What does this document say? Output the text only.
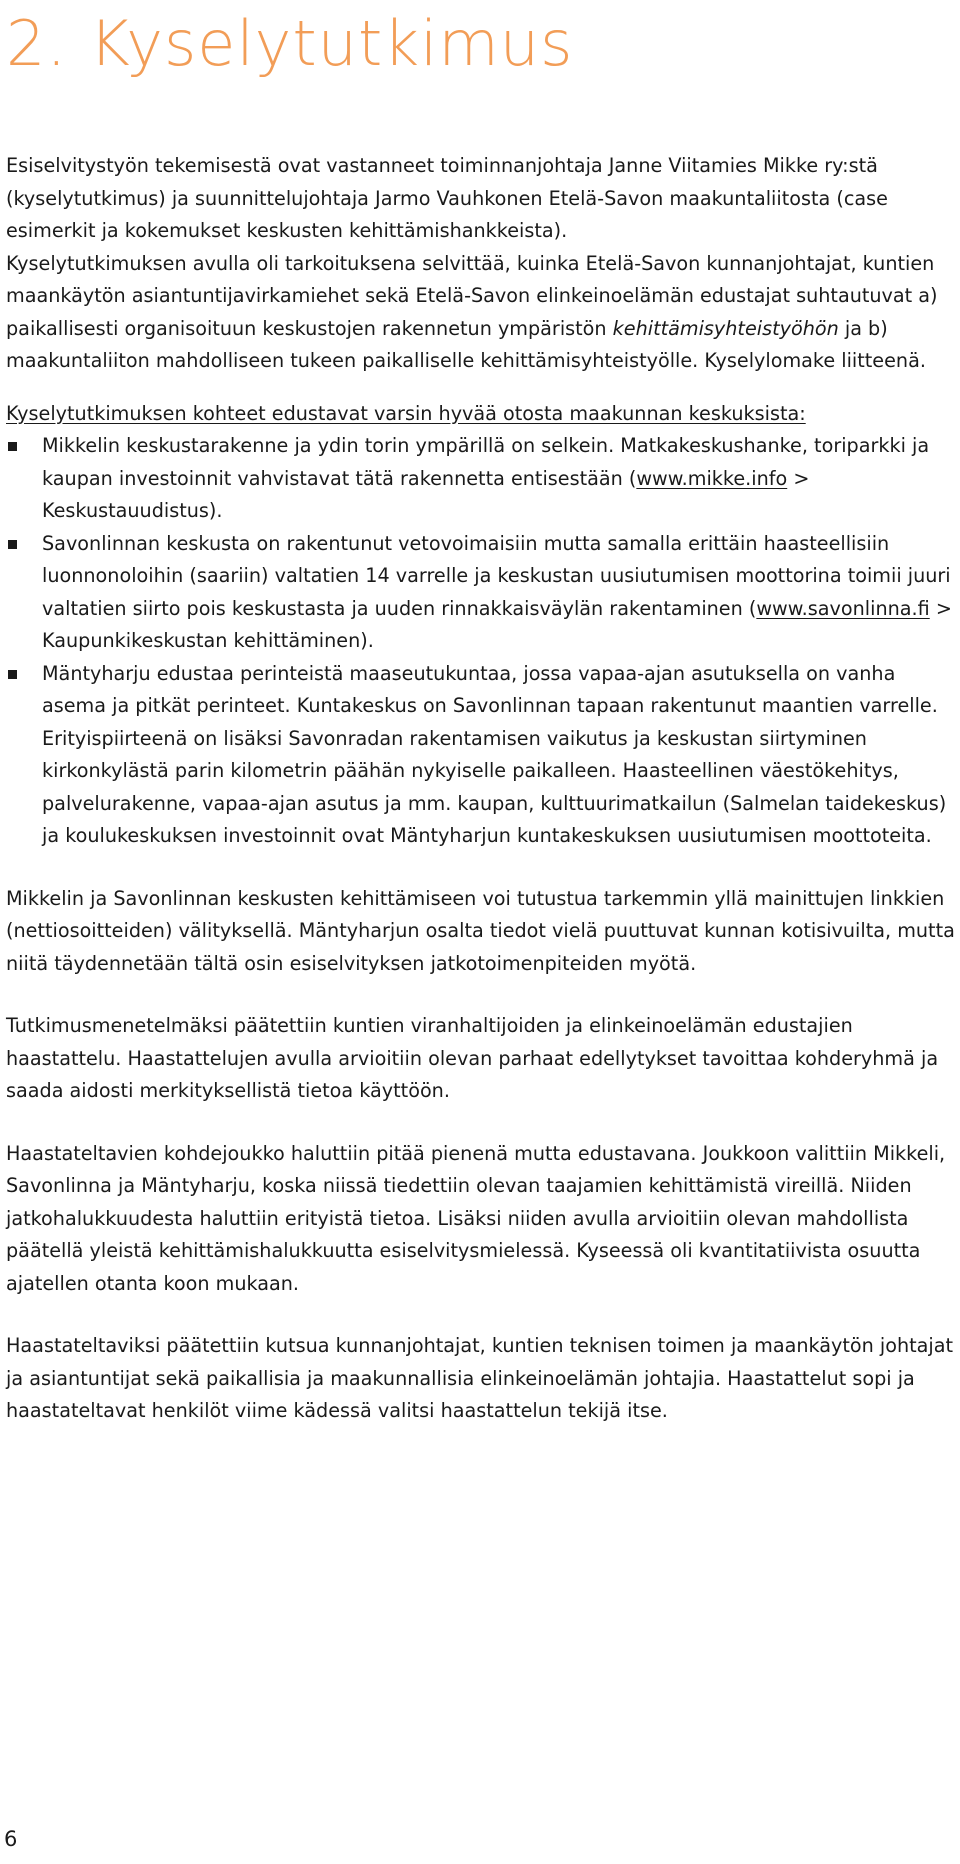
2. Kyselytutkimus

Esiselvitystyön tekemisestä ovat vastanneet toiminnanjohtaja Janne Viitamies Mikke ry:stä (kyselytutkimus) ja suunnittelujohtaja Jarmo Vauhkonen Etelä-Savon maakuntaliitosta (case esimerkit ja kokemukset keskusten kehittämishankkeista).

Kyselytutkimuksen avulla oli tarkoituksena selvittää, kuinka Etelä-Savon kunnanjohtajat, kuntien maankäytön asiantuntijavirkamiehet sekä Etelä-Savon elinkeinoelämän edustajat suhtautuvat a) paikallisesti organisoituun keskustojen rakennetun ympäristön kehittämisyhteistyöhön ja b) maakuntaliiton mahdolliseen tukeen paikalliselle kehittämisyhteistyölle. Kyselylomake liitteenä.

Kyselytutkimuksen kohteet edustavat varsin hyvää otosta maakunnan keskuksista:

Mikkelin keskustarakenne ja ydin torin ympärillä on selkein. Matkakeskushanke, toriparkki ja kaupan investoinnit vahvistavat tätä rakennetta entisestään (www.mikke.info > Keskustauudistus).
Savonlinnan keskusta on rakentunut vetovoimaisiin mutta samalla erittäin haasteellisiin luonnonoloihin (saariin) valtatien 14 varrelle ja keskustan uusiutumisen moottorina toimii juuri valtatien siirto pois keskustasta ja uuden rinnakkaisväylän rakentaminen (www.savonlinna.fi > Kaupunkikeskustan kehittäminen).
Mäntyharju edustaa perinteistä maaseutukuntaa, jossa vapaa-ajan asutuksella on vanha asema ja pitkät perinteet. Kuntakeskus on Savonlinnan tapaan rakentunut maantien varrelle. Erityispiirteenä on lisäksi Savonradan rakentamisen vaikutus ja keskustan siirtyminen kirkonkylästä parin kilometrin päähän nykyiselle paikalleen. Haasteellinen väestökehitys, palvelurakenne, vapaa-ajan asutus ja mm. kaupan, kulttuurimatkailun (Salmelan taidekeskus) ja koulukeskuksen investoinnit ovat Mäntyharjun kuntakeskuksen uusiutumisen moottoteita.

Mikkelin ja Savonlinnan keskusten kehittämiseen voi tutustua tarkemmin yllä mainittujen linkkien (nettiosoitteiden) välityksellä. Mäntyharjun osalta tiedot vielä puuttuvat kunnan kotisivuilta, mutta niitä täydennetään tältä osin esiselvityksen jatkotoimenpiteiden myötä.

Tutkimusmenetelmäksi päätettiin kuntien viranhaltijoiden ja elinkeinoelämän edustajien haastattelu. Haastattelujen avulla arvioitiin olevan parhaat edellytykset tavoittaa kohderyhmä ja saada aidosti merkityksellistä tietoa käyttöön.

Haastateltavien kohdejoukko haluttiin pitää pienenä mutta edustavana. Joukkoon valittiin Mikkeli, Savonlinna ja Mäntyharju, koska niissä tiedettiin olevan taajamien kehittämistä vireillä. Niiden jatkohalukkuudesta haluttiin erityistä tietoa. Lisäksi niiden avulla arvioitiin olevan mahdollista päätellä yleistä kehittämishalukkuutta esiselvitysmielessä. Kyseessä oli kvantitatiivista osuutta ajatellen otanta koon mukaan.

Haastateltaviksi päätettiin kutsua kunnanjohtajat, kuntien teknisen toimen ja maankäytön johtajat ja asiantuntijat sekä paikallisia ja maakunnallisia elinkeinoelämän johtajia. Haastattelut sopi ja haastateltavat henkilöt viime kädessä valitsi haastattelun tekijä itse.

6
